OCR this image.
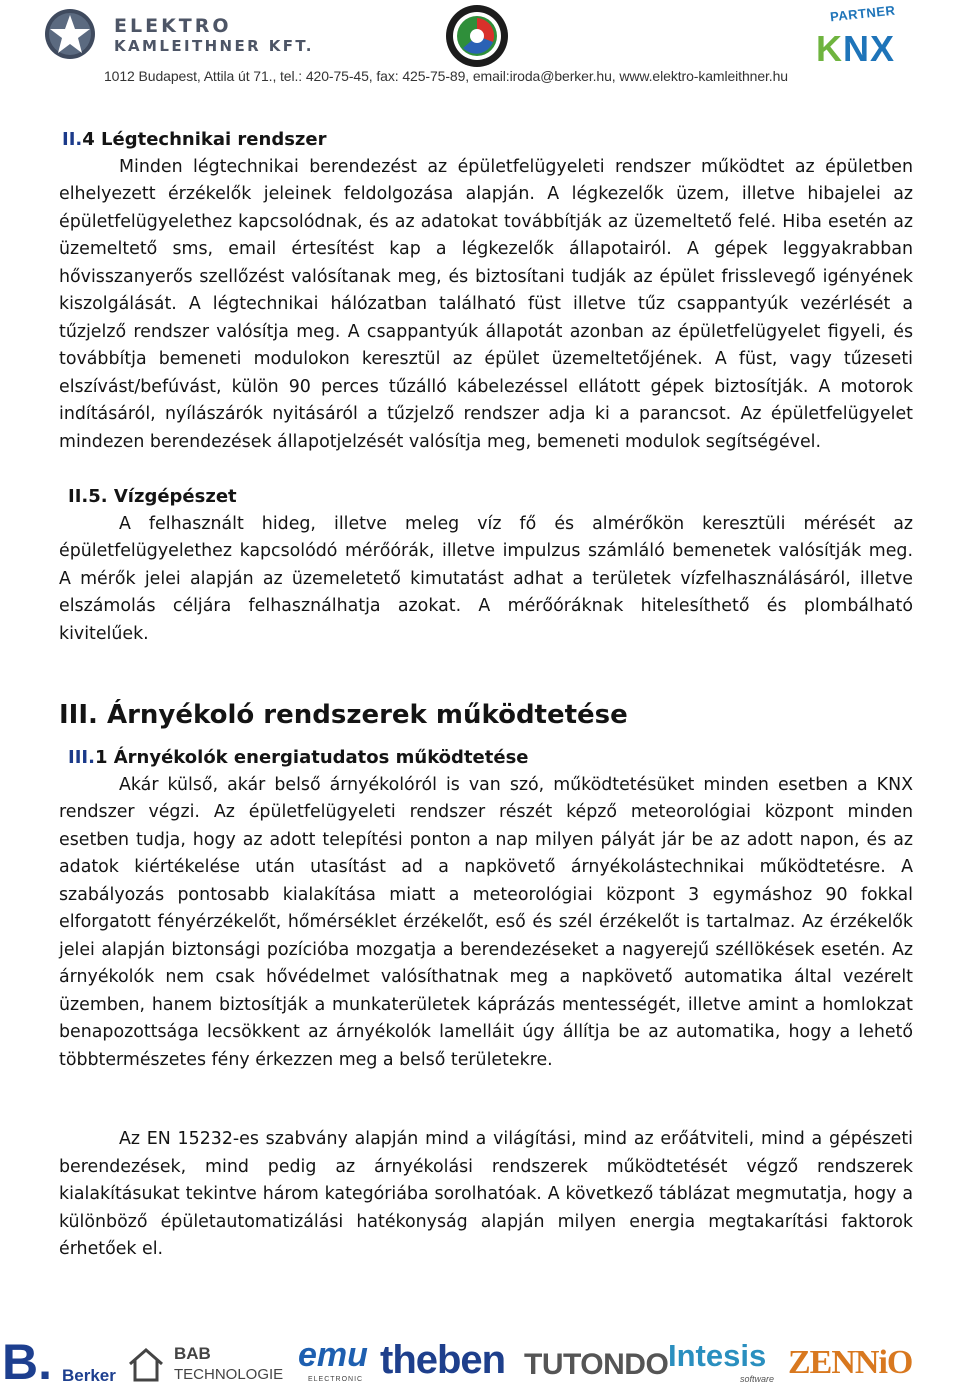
ELEKTRO
KAMLEITHNER KFT.
PARTNER
KNX
1012 Budapest, Attila út 71., tel.: 420-75-45, fax: 425-75-89, email:iroda@berker.hu, www.elektro-kamleithner.hu
II.4 Légtechnikai rendszer

Minden légtechnikai berendezést az épületfelügyeleti rendszer működtet az épületben elhelyezett érzékelők jeleinek feldolgozása alapján. A légkezelők üzem, illetve hibajelei az épületfelügyelethez kapcsolódnak, és az adatokat továbbítják az üzemeltető felé. Hiba esetén az üzemeltető sms, email értesítést kap a légkezelők állapotairól. A gépek leggyakrabban hővisszanyerős szellőzést valósítanak meg, és biztosítani tudják az épület frisslevegő igényének kiszolgálását. A légtechnikai hálózatban található füst illetve tűz csappantyúk vezérlését a tűzjelző rendszer valósítja meg. A csappantyúk állapotát azonban az épületfelügyelet figyeli, és továbbítja bemeneti modulokon keresztül az épület üzemeltetőjének. A füst, vagy tűzeseti elszívást/befúvást, külön 90 perces tűzálló kábelezéssel ellátott gépek biztosítják. A motorok indításáról, nyílászárók nyitásáról a tűzjelző rendszer adja ki a parancsot. Az épületfelügyelet mindezen berendezések állapotjelzését valósítja meg, bemeneti modulok segítségével.

II.5. Vízgépészet

A felhasznált hideg, illetve meleg víz fő és almérőkön keresztüli mérését az épületfelügyelethez kapcsolódó mérőórák, illetve impulzus számláló bemenetek valósítják meg. A mérők jelei alapján az üzemeletető kimutatást adhat a területek vízfelhasználásáról, illetve elszámolás céljára felhasználhatja azokat. A mérőóráknak hitelesíthető és plombálható kivitelűek.

III. Árnyékoló rendszerek működtetése
III.1 Árnyékolók energiatudatos működtetése

Akár külső, akár belső árnyékolóról is van szó, működtetésüket minden esetben a KNX rendszer végzi. Az épületfelügyeleti rendszer részét képző meteorológiai központ minden esetben tudja, hogy az adott telepítési ponton a nap milyen pályát jár be az adott napon, és az adatok kiértékelése után utasítást ad a napkövető árnyékolástechnikai működtetésre. A szabályozás pontosabb kialakítása miatt a meteorológiai központ 3 egymáshoz 90 fokkal elforgatott fényérzékelőt, hőmérséklet érzékelőt, eső és szél érzékelőt is tartalmaz. Az érzékelők jelei alapján biztonsági pozícióba mozgatja a berendezéseket a nagyerejű széllökések esetén. Az árnyékolók nem csak hővédelmet valósíthatnak meg a napkövető automatika által vezérelt üzemben, hanem biztosítják a munkaterületek káprázás mentességét, illetve amint a homlokzat benapozottsága lecsökkent az árnyékolók lamelláit úgy állítja be az automatika, hogy a lehető többtermészetes fény érkezzen meg a belső területekre.

Az EN 15232-es szabvány alapján mind a világítási, mind az erőátviteli, mind a gépészeti berendezések, mind pedig az árnyékolási rendszerek működtetését végző rendszerek kialakításukat tekintve három kategóriába sorolhatóak. A következő táblázat megmutatja, hogy a különböző épületautomatizálási hatékonyság alapján milyen energia megtakarítási faktorok érhetőek el.

B. Berker
BAB
TECHNOLOGIE
emu
ELECTRONIC theben TUTONDO Intesis
software ZENNiO
